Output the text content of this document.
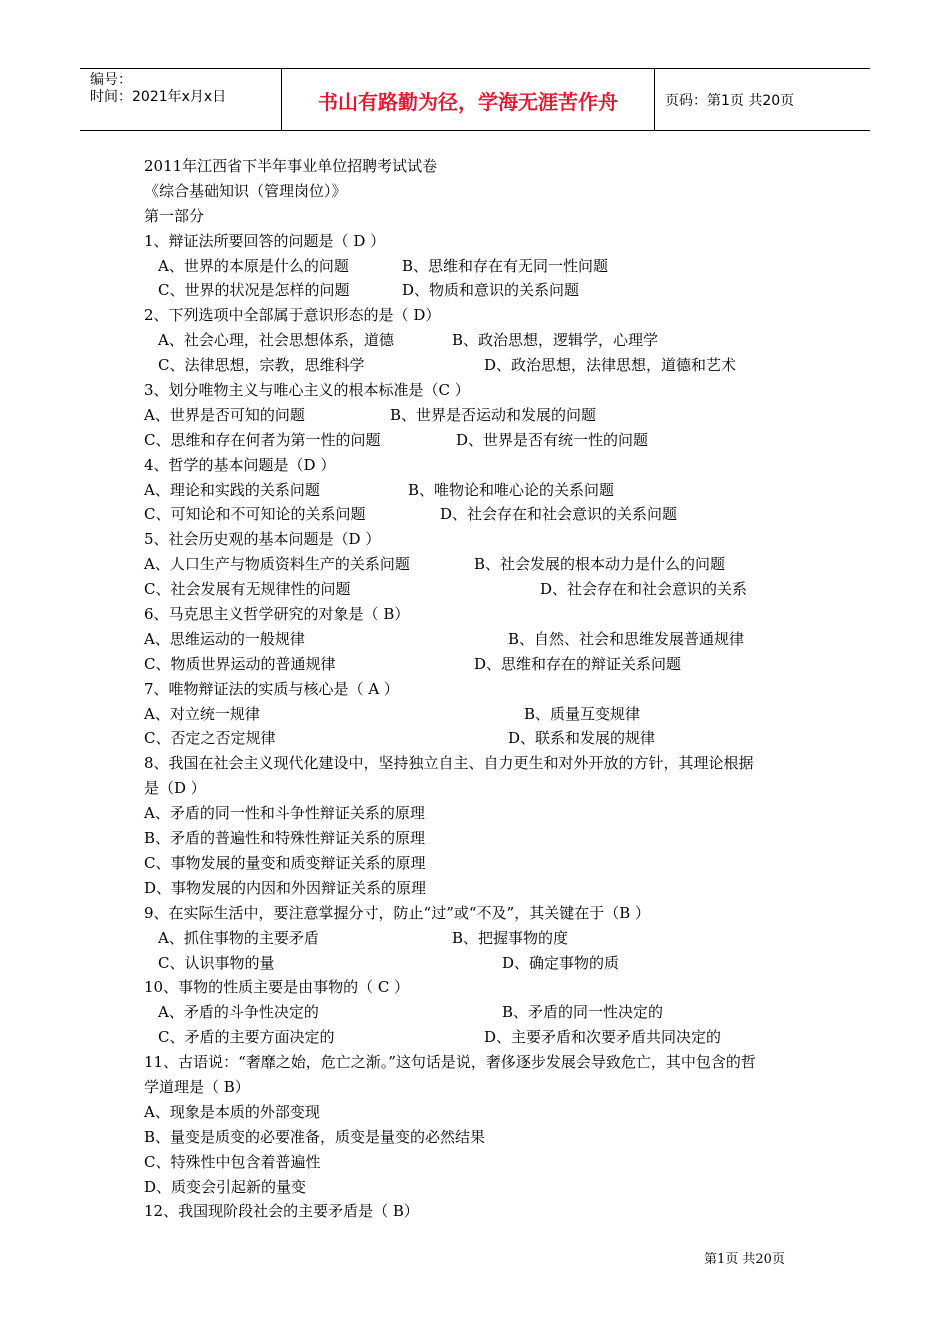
编号：
时间：2021年x月x日	书山有路勤为径，学海无涯苦作舟	页码：第1页 共20页
2011年江西省下半年事业单位招聘考试试卷
《综合基础知识（管理岗位）》
第一部分
1、辩证法所要回答的问题是（ D ）
A、世界的本原是什么的问题	B、思维和存在有无同一性问题
C、世界的状况是怎样的问题	D、物质和意识的关系问题
2、下列选项中全部属于意识形态的是（ D）
A、社会心理，社会思想体系，道德	B、政治思想，逻辑学，心理学
C、法律思想，宗教，思维科学	D、政治思想，法律思想，道德和艺术
3、划分唯物主义与唯心主义的根本标准是（C ）
A、世界是否可知的问题	B、世界是否运动和发展的问题
C、思维和存在何者为第一性的问题	D、世界是否有统一性的问题
4、哲学的基本问题是（D ）
A、理论和实践的关系问题	B、唯物论和唯心论的关系问题
C、可知论和不可知论的关系问题	D、社会存在和社会意识的关系问题
5、社会历史观的基本问题是（D ）
A、人口生产与物质资料生产的关系问题	B、社会发展的根本动力是什么的问题
C、社会发展有无规律性的问题	D、社会存在和社会意识的关系
6、马克思主义哲学研究的对象是（ B）
A、思维运动的一般规律	B、自然、社会和思维发展普通规律
C、物质世界运动的普通规律	D、思维和存在的辩证关系问题
7、唯物辩证法的实质与核心是（ A ）
A、对立统一规律	B、质量互变规律
C、否定之否定规律	D、联系和发展的规律
8、我国在社会主义现代化建设中，坚持独立自主、自力更生和对外开放的方针，其理论根据
是（D ）
A、矛盾的同一性和斗争性辩证关系的原理
B、矛盾的普遍性和特殊性辩证关系的原理
C、事物发展的量变和质变辩证关系的原理
D、事物发展的内因和外因辩证关系的原理
9、在实际生活中，要注意掌握分寸，防止“过”或“不及”，其关键在于（B ）
A、抓住事物的主要矛盾	B、把握事物的度
C、认识事物的量	D、确定事物的质
10、事物的性质主要是由事物的（ C ）
A、矛盾的斗争性决定的	B、矛盾的同一性决定的
C、矛盾的主要方面决定的	D、主要矛盾和次要矛盾共同决定的
11、古语说：“奢靡之始，危亡之渐。”这句话是说，奢侈逐步发展会导致危亡，其中包含的哲
学道理是（ B）
A、现象是本质的外部变现
B、量变是质变的必要准备，质变是量变的必然结果
C、特殊性中包含着普遍性
D、质变会引起新的量变
12、我国现阶段社会的主要矛盾是（ B）
第1页 共20页
